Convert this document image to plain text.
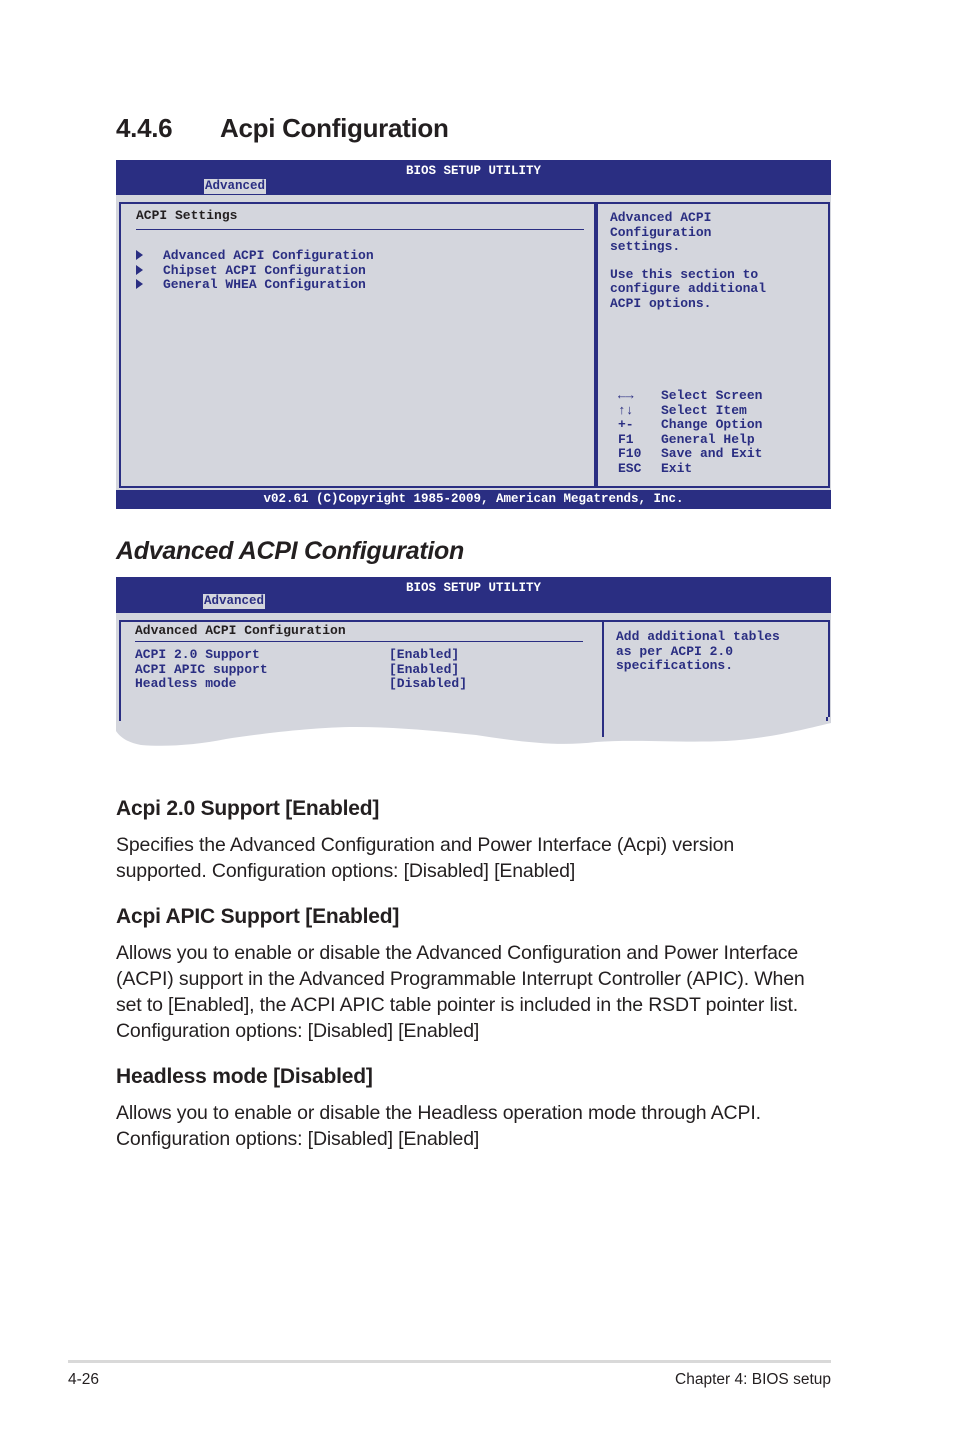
4.4.6 Acpi Configuration
BIOS SETUP UTILITY
Advanced
ACPI Settings
Advanced ACPI Configuration
Chipset ACPI Configuration
General WHEA Configuration
Advanced ACPI
Configuration
settings.
Use this section to
configure additional
ACPI options.
←→ Select Screen
↑↓ Select Item
+- Change Option
F1 General Help
F10 Save and Exit
ESC Exit
v02.61 (C)Copyright 1985-2009, American Megatrends, Inc.
Advanced ACPI Configuration
BIOS SETUP UTILITY
Advanced
Advanced ACPI Configuration
ACPI 2.0 Support	[Enabled]
ACPI APIC support	[Enabled]
Headless mode	[Disabled]
Add additional tables
as per ACPI 2.0
specifications.
Acpi 2.0 Support [Enabled]

Specifies the Advanced Configuration and Power Interface (Acpi) version
supported. Configuration options: [Disabled] [Enabled]

Acpi APIC Support [Enabled]

Allows you to enable or disable the Advanced Configuration and Power Interface
(ACPI) support in the Advanced Programmable Interrupt Controller (APIC). When
set to [Enabled], the ACPI APIC table pointer is included in the RSDT pointer list.
Configuration options: [Disabled] [Enabled]

Headless mode [Disabled]

Allows you to enable or disable the Headless operation mode through ACPI.
Configuration options: [Disabled] [Enabled]

4-26	Chapter 4: BIOS setup
